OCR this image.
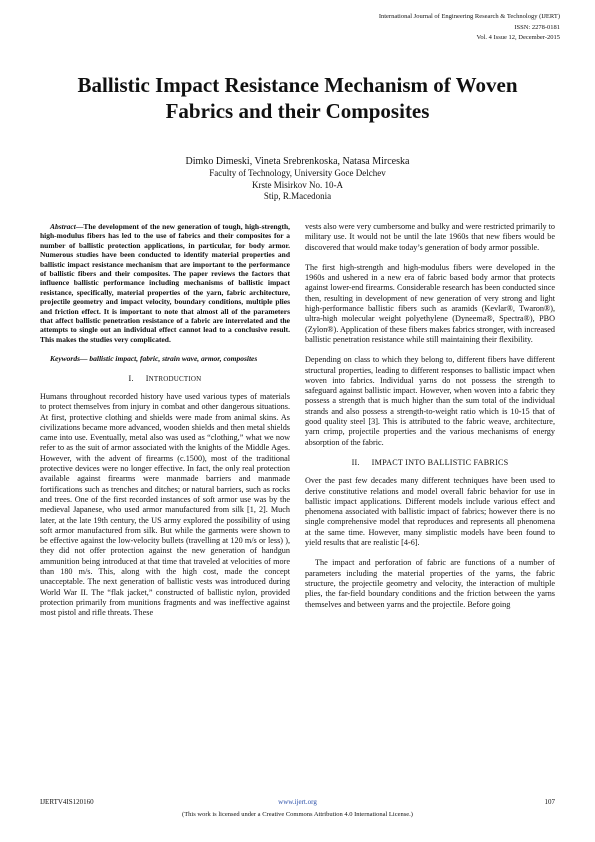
International Journal of Engineering Research & Technology (IJERT)
ISSN: 2278-0181
Vol. 4 Issue 12, December-2015
Ballistic Impact Resistance Mechanism of Woven
Fabrics and their Composites
Dimko Dimeski, Vineta Srebrenkoska, Natasa Mirceska
Faculty of Technology, University Goce Delchev
Krste Misirkov No. 10-A
Stip, R.Macedonia

Abstract—The development of the new generation of tough, high-strength, high-modulus fibers has led to the use of fabrics and their composites for a number of ballistic protection applications, in particular, for body armor. Numerous studies have been conducted to identify material properties and ballistic impact resistance mechanism that are important to the performance of ballistic fibers and their composites. The paper reviews the factors that influence ballistic performance including mechanisms of ballistic impact resistance, specifically, material properties of the yarn, fabric architecture, projectile geometry and impact velocity, boundary conditions, multiple plies and friction effect. It is important to note that almost all of the parameters that affect ballistic penetration resistance of a fabric are interrelated and the attempts to single out an individual effect cannot lead to a conclusive result. This makes the studies very complicated.

Keywords— ballistic impact, fabric, strain wave, armor, composites

I. INTRODUCTION

Humans throughout recorded history have used various types of materials to protect themselves from injury in combat and other dangerous situations. At first, protective clothing and shields were made from animal skins. As civilizations became more advanced, wooden shields and then metal shields came into use. Eventually, metal also was used as “clothing,” what we now refer to as the suit of armor associated with the knights of the Middle Ages. However, with the advent of firearms (c.1500), most of the traditional protective devices were no longer effective. In fact, the only real protection available against firearms were manmade barriers and manmade fortifications such as trenches and ditches; or natural barriers, such as rocks and trees. One of the first recorded instances of soft armor use was by the medieval Japanese, who used armor manufactured from silk [1, 2]. Much later, at the late 19th century, the US army explored the possibility of using soft armor manufactured from silk. But while the garments were shown to be effective against the low-velocity bullets (travelling at 120 m/s or less) ), they did not offer protection against the new generation of handgun ammunition being introduced at that time that traveled at velocities of more than 180 m/s. This, along with the high cost, made the concept unacceptable. The next generation of ballistic vests was introduced during World War II. The “flak jacket,” constructed of ballistic nylon, provided protection primarily from munitions fragments and was ineffective against most pistol and rifle threats. These

vests also were very cumbersome and bulky and were restricted primarily to military use. It would not be until the late 1960s that new fibers would be discovered that would make today’s generation of body armor possible.

The first high-strength and high-modulus fibers were developed in the 1960s and ushered in a new era of fabric based body armor that protects against lower-end firearms. Considerable research has been conducted since then, resulting in development of new generation of very strong and light high-performance ballistic fibers such as aramids (Kevlar®, Twaron®), ultra-high molecular weight polyethylene (Dyneema®, Spectra®), PBO (Zylon®). Application of these fibers makes fabrics stronger, with increased ballistic penetration resistance while still maintaining their flexibility.

Depending on class to which they belong to, different fibers have different structural properties, leading to different responses to ballistic impact when woven into fabrics. Individual yarns do not possess the strength to safeguard against ballistic impact. However, when woven into a fabric they possess a strength that is much higher than the sum total of the individual strands and also possess a strength-to-weight ratio which is 10-15 that of good quality steel [3]. This is attributed to the fabric weave, architecture, yarn crimp, projectile properties and the various mechanisms of energy absorption of the fabric.

II. IMPACT INTO BALLISTIC FABRICS

Over the past few decades many different techniques have been used to derive constitutive relations and model overall fabric behavior for use in ballistic impact applications. Different models include various effect and phenomena associated with ballistic impact of fabrics; however there is no single comprehensive model that reproduces and represents all phenomena at the same time. However, many simplistic models have been found to yield results that are realistic [4-6].

The impact and perforation of fabric are functions of a number of parameters including the material properties of the yarns, the fabric structure, the projectile geometry and velocity, the interaction of multiple plies, the far-field boundary conditions and the friction between the yarns themselves and between yarns and the projectile. Before going

IJERTV4IS120160	www.ijert.org	107
(This work is licensed under a Creative Commons Attribution 4.0 International License.)
